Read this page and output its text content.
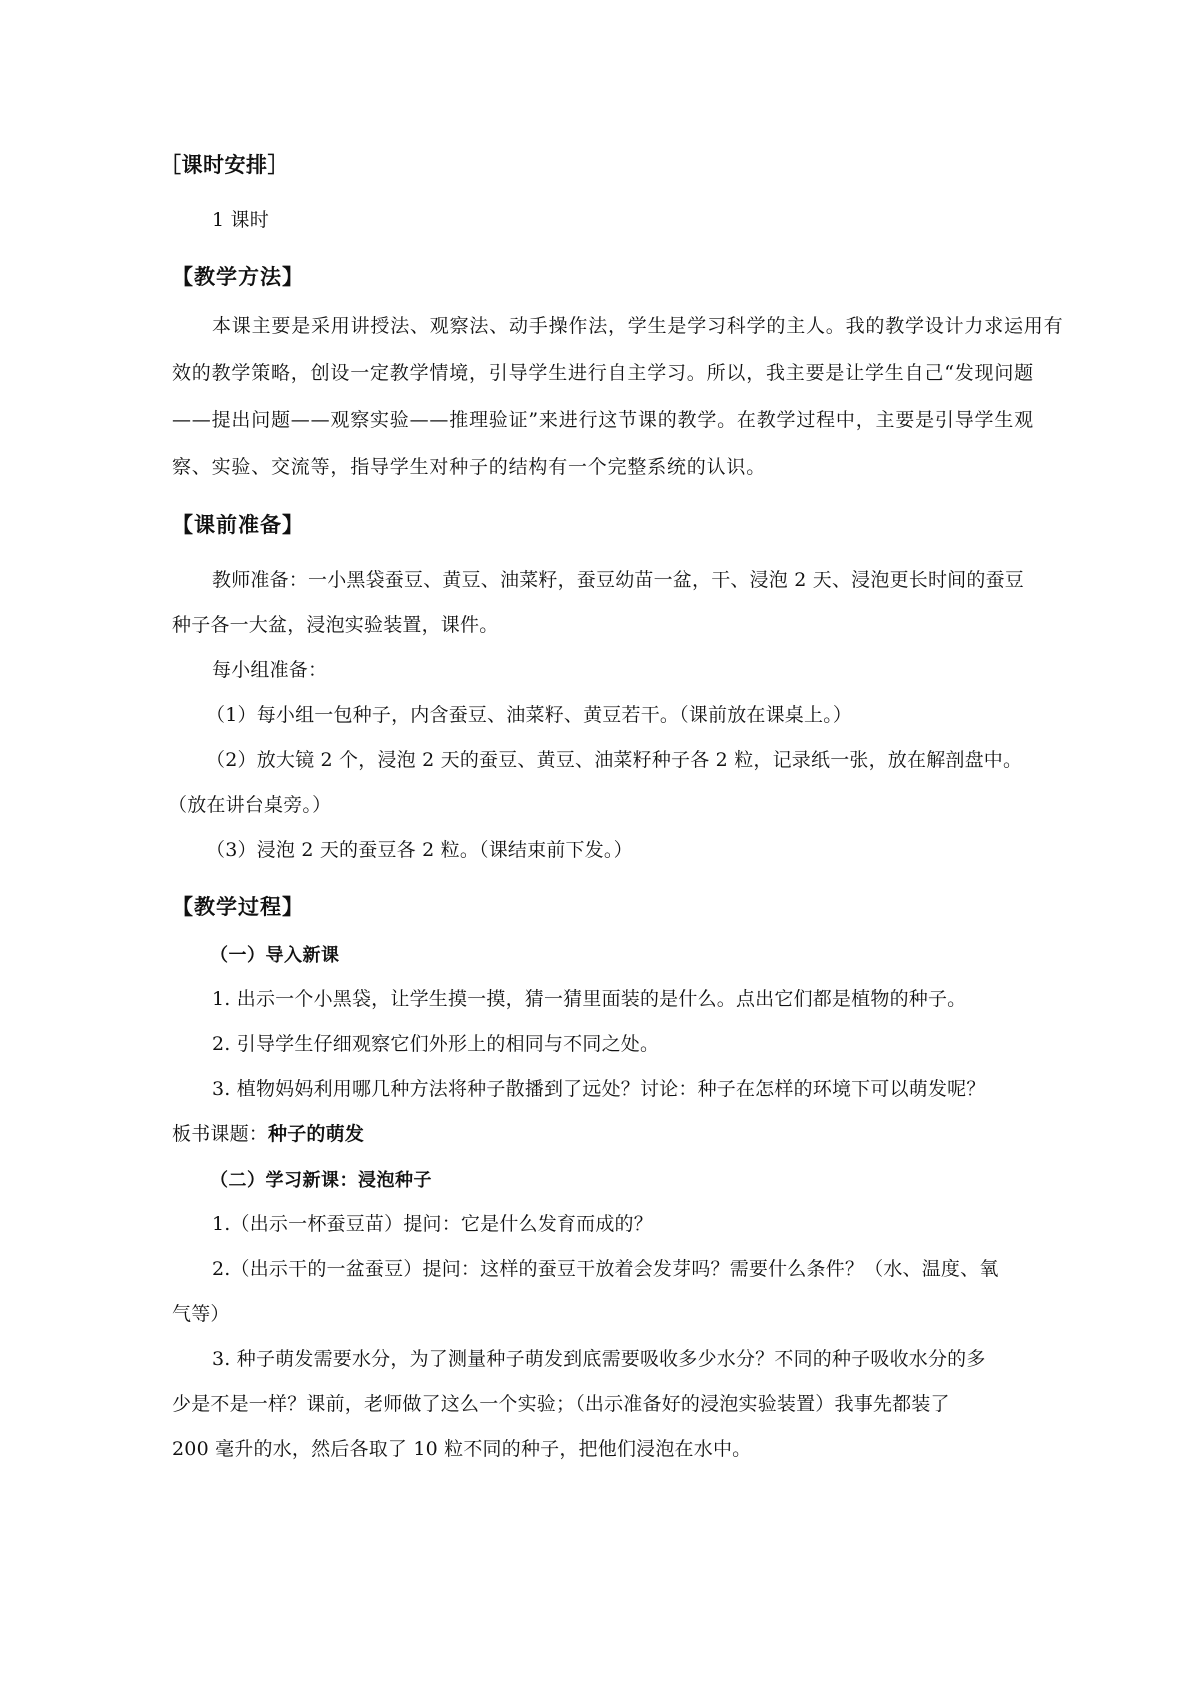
［课时安排］
1 课时
【教学方法】

本课主要是采用讲授法、观察法、动手操作法，学生是学习科学的主人。我的教学设计力求运用有效的教学策略，创设一定教学情境，引导学生进行自主学习。所以，我主要是让学生自己“发现问题——提出问题——观察实验——推理验证”来进行这节课的教学。在教学过程中，主要是引导学生观察、实验、交流等，指导学生对种子的结构有一个完整系统的认识。

【课前准备】
教师准备：一小黑袋蚕豆、黄豆、油菜籽，蚕豆幼苗一盆，干、浸泡 2 天、浸泡更长时间的蚕豆
种子各一大盆，浸泡实验装置，课件。
每小组准备：
（1）每小组一包种子，内含蚕豆、油菜籽、黄豆若干。（课前放在课桌上。）
（2）放大镜 2 个，浸泡 2 天的蚕豆、黄豆、油菜籽种子各 2 粒，记录纸一张，放在解剖盘中。
（放在讲台桌旁。）
（3）浸泡 2 天的蚕豆各 2 粒。（课结束前下发。）
【教学过程】
（一）导入新课
1. 出示一个小黑袋，让学生摸一摸，猜一猜里面装的是什么。点出它们都是植物的种子。
2. 引导学生仔细观察它们外形上的相同与不同之处。
3. 植物妈妈利用哪几种方法将种子散播到了远处？讨论：种子在怎样的环境下可以萌发呢？
板书课题：种子的萌发
（二）学习新课：浸泡种子
1.（出示一杯蚕豆苗）提问：它是什么发育而成的？
2.（出示干的一盆蚕豆）提问：这样的蚕豆干放着会发芽吗？需要什么条件？（水、温度、氧
气等）
3. 种子萌发需要水分，为了测量种子萌发到底需要吸收多少水分？不同的种子吸收水分的多
少是不是一样？课前，老师做了这么一个实验；（出示准备好的浸泡实验装置）我事先都装了
200 毫升的水，然后各取了 10 粒不同的种子，把他们浸泡在水中。
